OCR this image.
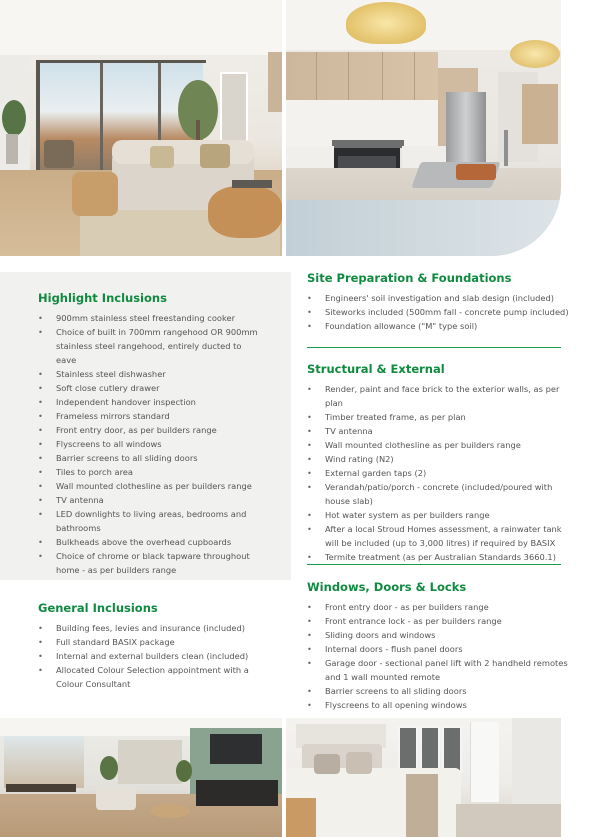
Highlight Inclusions
• 900mm stainless steel freestanding cooker
• Choice of built in 700mm rangehood OR 900mm stainless steel rangehood, entirely ducted to eave
• Stainless steel dishwasher
• Soft close cutlery drawer
• Independent handover inspection
• Frameless mirrors standard
• Front entry door, as per builders range
• Flyscreens to all windows
• Barrier screens to all sliding doors
• Tiles to porch area
• Wall mounted clothesline as per builders range
• TV antenna
• LED downlights to living areas, bedrooms and bathrooms
• Bulkheads above the overhead cupboards
• Choice of chrome or black tapware throughout home - as per builders range
General Inclusions
• Building fees, levies and insurance (included)
• Full standard BASIX package
• Internal and external builders clean (included)
• Allocated Colour Selection appointment with a Colour Consultant
Site Preparation & Foundations
• Engineers' soil investigation and slab design (included)
• Siteworks included (500mm fall - concrete pump included)
• Foundation allowance ("M" type soil)
Structural & External
• Render, paint and face brick to the exterior walls, as per plan
• Timber treated frame, as per plan
• TV antenna
• Wall mounted clothesline as per builders range
• Wind rating (N2)
• External garden taps (2)
• Verandah/patio/porch - concrete (included/poured with house slab)
• Hot water system as per builders range
• After a local Stroud Homes assessment, a rainwater tank will be included (up to 3,000 litres) if required by BASIX
• Termite treatment (as per Australian Standards 3660.1)
Windows, Doors & Locks
• Front entry door - as per builders range
• Front entrance lock - as per builders range
• Sliding doors and windows
• Internal doors - flush panel doors
• Garage door - sectional panel lift with 2 handheld remotes and 1 wall mounted remote
• Barrier screens to all sliding doors
• Flyscreens to all opening windows
